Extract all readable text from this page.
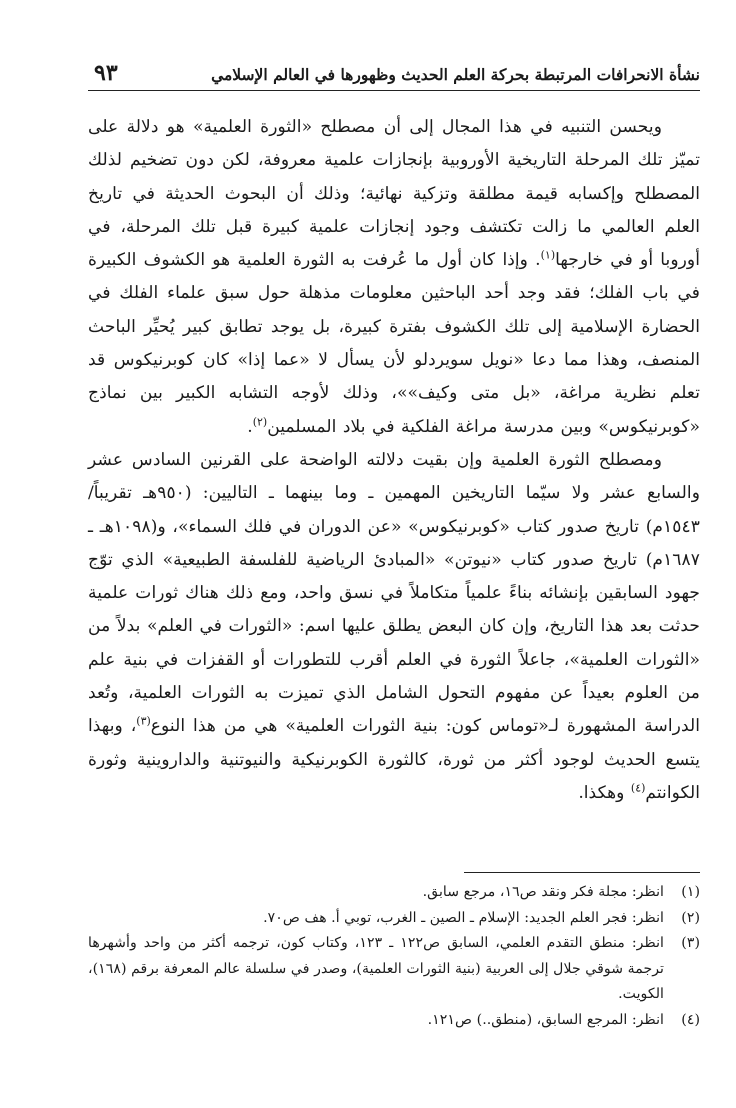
نشأة الانحرافات المرتبطة بحركة العلم الحديث وظهورها في العالم الإسلامي
٩٣

ويحسن التنبيه في هذا المجال إلى أن مصطلح «الثورة العلمية» هو دلالة على تميّز تلك المرحلة التاريخية الأوروبية بإنجازات علمية معروفة، لكن دون تضخيم لذلك المصطلح وإكسابه قيمة مطلقة وتزكية نهائية؛ وذلك أن البحوث الحديثة في تاريخ العلم العالمي ما زالت تكتشف وجود إنجازات علمية كبيرة قبل تلك المرحلة، في أوروبا أو في خارجها$^{(١)}$. وإذا كان أول ما عُرفت به الثورة العلمية هو الكشوف الكبيرة في باب الفلك؛ فقد وجد أحد الباحثين معلومات مذهلة حول سبق علماء الفلك في الحضارة الإسلامية إلى تلك الكشوف بفترة كبيرة، بل يوجد تطابق كبير يُحيِّر الباحث المنصف، وهذا مما دعا «نويل سويردلو لأن يسأل لا «عما إذا» كان كوبرنيكوس قد تعلم نظرية مراغة، «بل متى وكيف»»، وذلك لأوجه التشابه الكبير بين نماذج «كوبرنيكوس» وبين مدرسة مراغة الفلكية في بلاد المسلمين$^{(٢)}$.

ومصطلح الثورة العلمية وإن بقيت دلالته الواضحة على القرنين السادس عشر والسابع عشر ولا سيّما التاريخين المهمين ـ وما بينهما ـ التاليين: (٩٥٠هـ تقريباً/ ١٥٤٣م) تاريخ صدور كتاب «كوبرنيكوس» «عن الدوران في فلك السماء»، و(١٠٩٨هـ ـ ١٦٨٧م) تاريخ صدور كتاب «نيوتن» «المبادئ الرياضية للفلسفة الطبيعية» الذي توّج جهود السابقين بإنشائه بناءً علمياً متكاملاً في نسق واحد، ومع ذلك هناك ثورات علمية حدثت بعد هذا التاريخ، وإن كان البعض يطلق عليها اسم: «الثورات في العلم» بدلاً من «الثورات العلمية»، جاعلاً الثورة في العلم أقرب للتطورات أو القفزات في بنية علم من العلوم بعيداً عن مفهوم التحول الشامل الذي تميزت به الثورات العلمية، وتُعد الدراسة المشهورة لـ«توماس كون: بنية الثورات العلمية» هي من هذا النوع$^{(٣)}$، وبهذا يتسع الحديث لوجود أكثر من ثورة، كالثورة الكوبرنيكية والنيوتنية والداروينية وثورة الكوانتم$^{(٤)}$ وهكذا.

(١)
انظر: مجلة فكر ونقد ص١٦، مرجع سابق.
(٢)
انظر: فجر العلم الجديد: الإسلام ـ الصين ـ الغرب، توبي أ. هف ص٧٠.
(٣)
انظر: منطق التقدم العلمي، السابق ص١٢٢ ـ ١٢٣، وكتاب كون، ترجمه أكثر من واحد وأشهرها ترجمة شوقي جلال إلى العربية (بنية الثورات العلمية)، وصدر في سلسلة عالم المعرفة برقم (١٦٨)، الكويت.
(٤)
انظر: المرجع السابق، (منطق..) ص١٢١.
